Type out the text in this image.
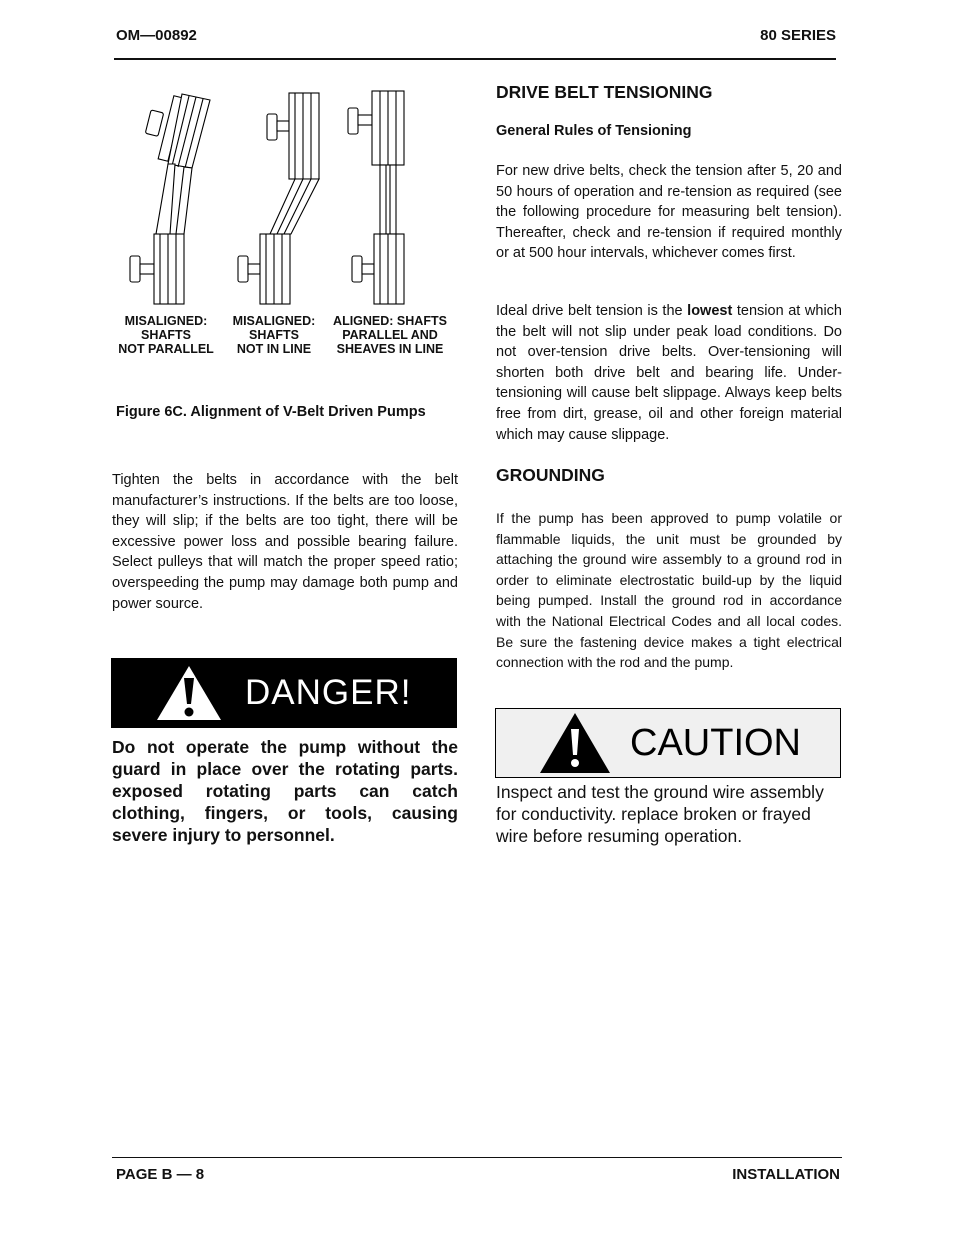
OM—00892	80 SERIES
MISALIGNED:
SHAFTS
NOT PARALLEL
MISALIGNED:
SHAFTS
NOT IN LINE
ALIGNED: SHAFTS
PARALLEL AND
SHEAVES IN LINE
Figure 6C. Alignment of V-Belt Driven Pumps

Tighten the belts in accordance with the belt manufacturer’s instructions. If the belts are too loose, they will slip; if the belts are too tight, there will be excessive power loss and possible bearing failure. Select pulleys that will match the proper speed ratio; overspeeding the pump may damage both pump and power source.

DANGER!

Do not operate the pump without the guard in place over the rotating parts. exposed rotating parts can catch clothing, fingers, or tools, causing severe injury to personnel.

DRIVE BELT TENSIONING
General Rules of Tensioning

For new drive belts, check the tension after 5, 20 and 50 hours of operation and re-tension as required (see the following procedure for measuring belt tension). Thereafter, check and re-tension if required monthly or at 500 hour intervals, whichever comes first.

Ideal drive belt tension is the lowest tension at which the belt will not slip under peak load conditions. Do not over-tension drive belts. Over-tensioning will shorten both drive belt and bearing life. Under-tensioning will cause belt slippage. Always keep belts free from dirt, grease, oil and other foreign material which may cause slippage.

GROUNDING

If the pump has been approved to pump volatile or flammable liquids, the unit must be grounded by attaching the ground wire assembly to a ground rod in order to eliminate electrostatic build-up by the liquid being pumped. Install the ground rod in accordance with the National Electrical Codes and all local codes. Be sure the fastening device makes a tight electrical connection with the rod and the pump.

CAUTION

Inspect and test the ground wire assembly for conductivity. replace broken or frayed wire before resuming operation.

PAGE B — 8	INSTALLATION
